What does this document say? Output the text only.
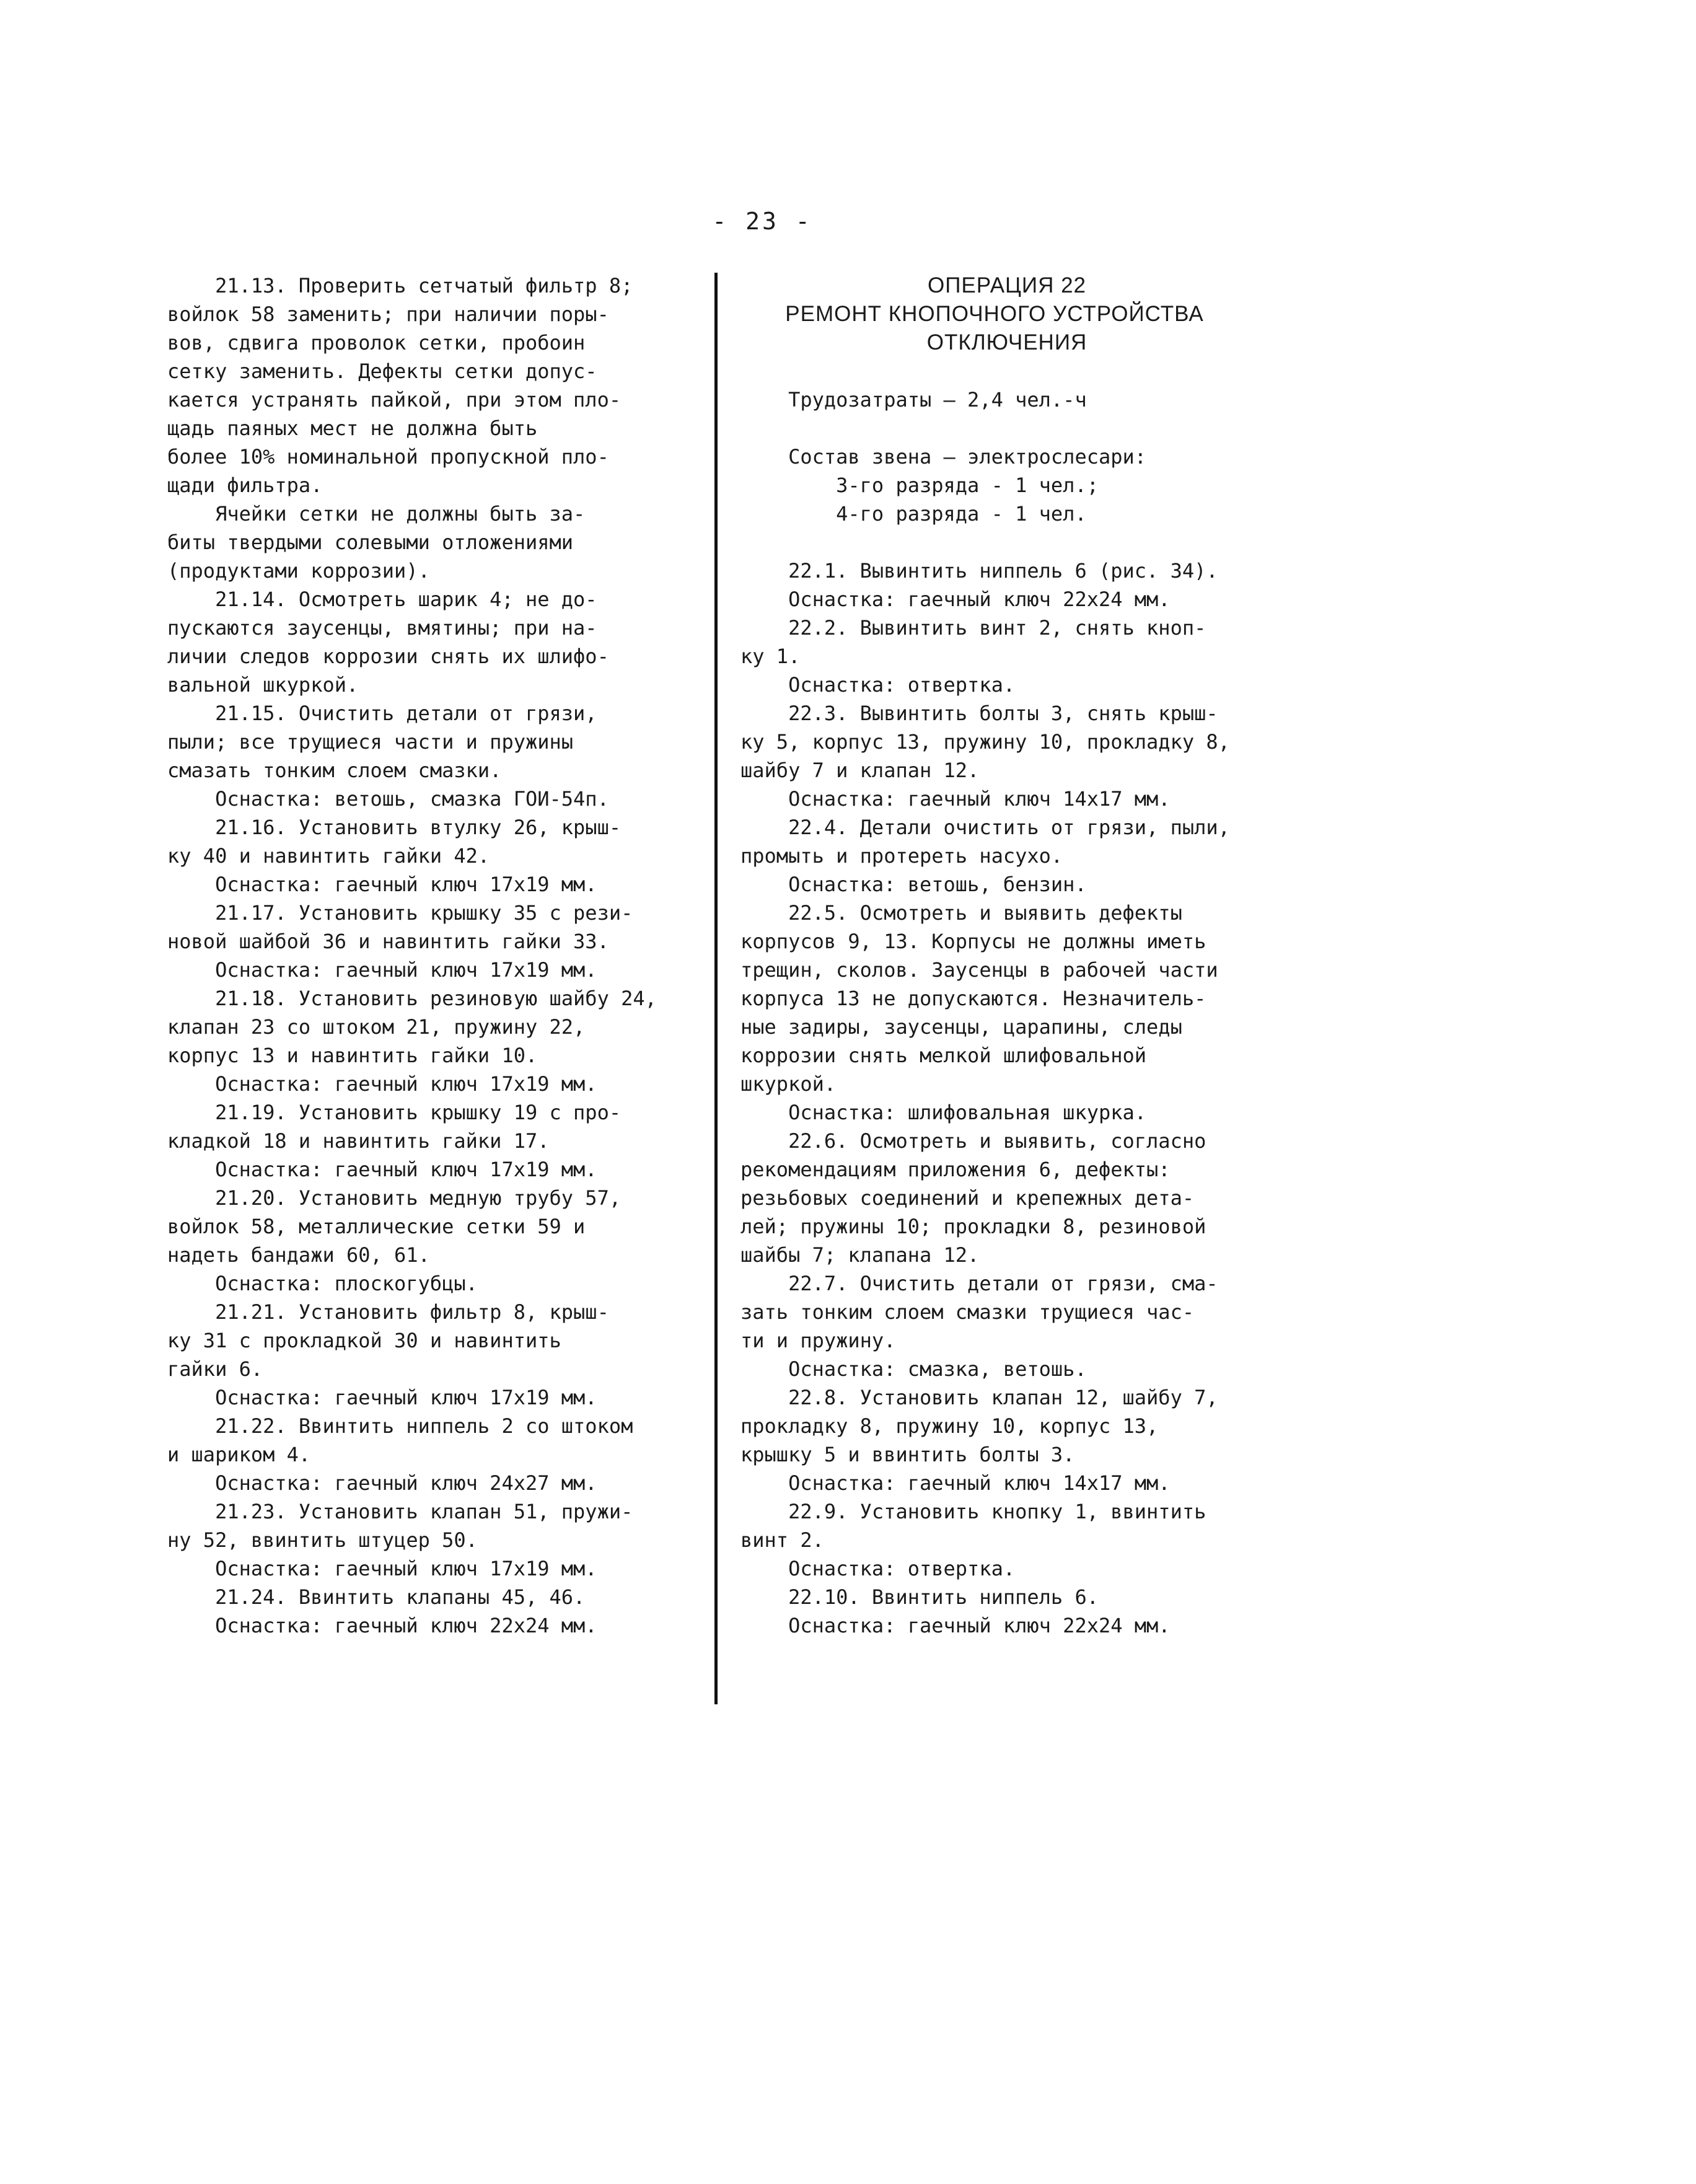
- 23 -

21.13. Проверить сетчатый фильтр 8;

войлок 58 заменить; при наличии поры-

вов, сдвига проволок сетки, пробоин

сетку заменить. Дефекты сетки допус-

кается устранять пайкой, при этом пло-

щадь паяных мест не должна быть

более 10% номинальной пропускной пло-

щади фильтра.

Ячейки сетки не должны быть за-

биты твердыми солевыми отложениями

(продуктами коррозии).

21.14. Осмотреть шарик 4; не до-

пускаются заусенцы, вмятины; при на-

личии следов коррозии снять их шлифо-

вальной шкуркой.

21.15. Очистить детали от грязи,

пыли; все трущиеся части и пружины

смазать тонким слоем смазки.

Оснастка: ветошь, смазка ГОИ-54п.

21.16. Установить втулку 26, крыш-

ку 40 и навинтить гайки 42.

Оснастка: гаечный ключ 17х19 мм.

21.17. Установить крышку 35 с рези-

новой шайбой 36 и навинтить гайки 33.

Оснастка: гаечный ключ 17х19 мм.

21.18. Установить резиновую шайбу 24,

клапан 23 со штоком 21, пружину 22,

корпус 13 и навинтить гайки 10.

Оснастка: гаечный ключ 17х19 мм.

21.19. Установить крышку 19 с про-

кладкой 18 и навинтить гайки 17.

Оснастка: гаечный ключ 17х19 мм.

21.20. Установить медную трубу 57,

войлок 58, металлические сетки 59 и

надеть бандажи 60, 61.

Оснастка: плоскогубцы.

21.21. Установить фильтр 8, крыш-

ку 31 с прокладкой 30 и навинтить

гайки 6.

Оснастка: гаечный ключ 17х19 мм.

21.22. Ввинтить ниппель 2 со штоком

и шариком 4.

Оснастка: гаечный ключ 24х27 мм.

21.23. Установить клапан 51, пружи-

ну 52, ввинтить штуцер 50.

Оснастка: гаечный ключ 17х19 мм.

21.24. Ввинтить клапаны 45, 46.

Оснастка: гаечный ключ 22х24 мм.

ОПЕРАЦИЯ 22

РЕМОНТ КНОПОЧНОГО УСТРОЙСТВА

ОТКЛЮЧЕНИЯ

Трудозатраты — 2,4 чел.-ч

Состав звена — электрослесари:

3-го разряда - 1 чел.;

4-го разряда - 1 чел.

22.1. Вывинтить ниппель 6 (рис. 34).

Оснастка: гаечный ключ 22х24 мм.

22.2. Вывинтить винт 2, снять кноп-

ку 1.

Оснастка: отвертка.

22.3. Вывинтить болты 3, снять крыш-

ку 5, корпус 13, пружину 10, прокладку 8,

шайбу 7 и клапан 12.

Оснастка: гаечный ключ 14х17 мм.

22.4. Детали очистить от грязи, пыли,

промыть и протереть насухо.

Оснастка: ветошь, бензин.

22.5. Осмотреть и выявить дефекты

корпусов 9, 13. Корпусы не должны иметь

трещин, сколов. Заусенцы в рабочей части

корпуса 13 не допускаются. Незначитель-

ные задиры, заусенцы, царапины, следы

коррозии снять мелкой шлифовальной

шкуркой.

Оснастка: шлифовальная шкурка.

22.6. Осмотреть и выявить, согласно

рекомендациям приложения 6, дефекты:

резьбовых соединений и крепежных дета-

лей; пружины 10; прокладки 8, резиновой

шайбы 7; клапана 12.

22.7. Очистить детали от грязи, сма-

зать тонким слоем смазки трущиеся час-

ти и пружину.

Оснастка: смазка, ветошь.

22.8. Установить клапан 12, шайбу 7,

прокладку 8, пружину 10, корпус 13,

крышку 5 и ввинтить болты 3.

Оснастка: гаечный ключ 14х17 мм.

22.9. Установить кнопку 1, ввинтить

винт 2.

Оснастка: отвертка.

22.10. Ввинтить ниппель 6.

Оснастка: гаечный ключ 22х24 мм.
